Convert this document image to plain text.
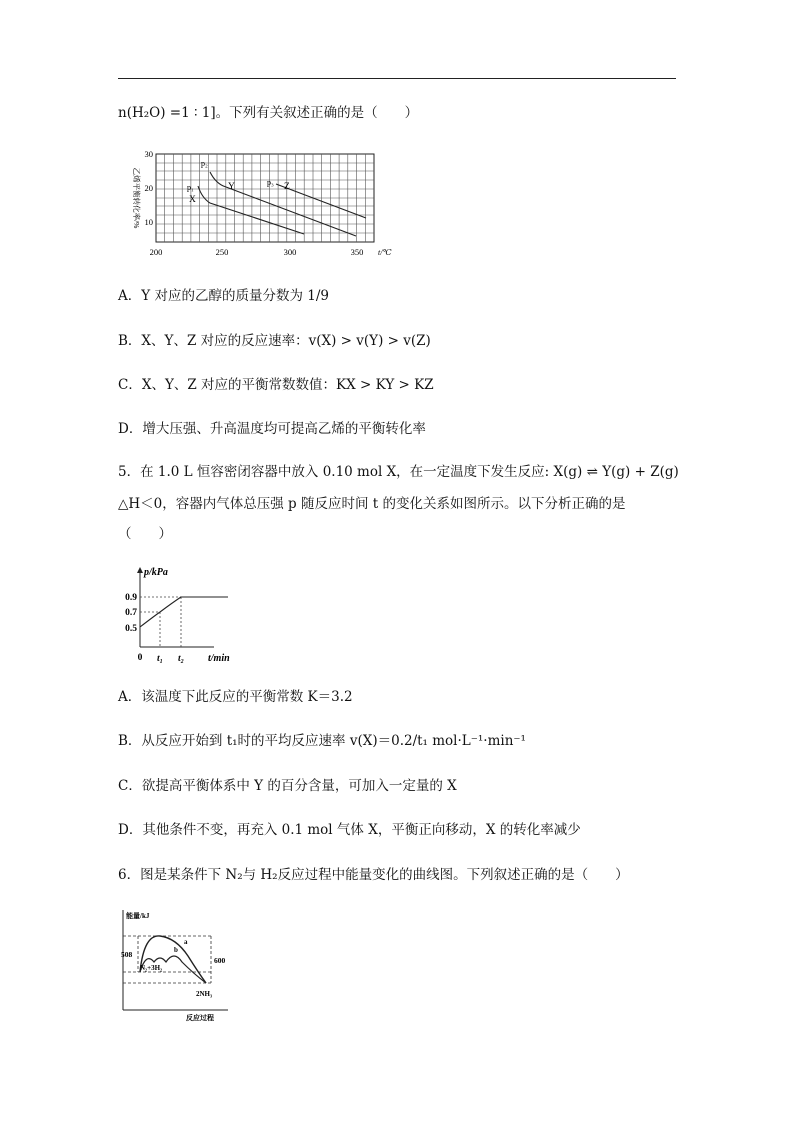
n(H₂O) =1 ∶ 1]。下列有关叙述正确的是（　　）
乙烯平衡转化率/%
30
20
10
200	250	300	350 t/℃
p₁
p₂
p₃
X
Y	Z
A．Y 对应的乙醇的质量分数为 1/9
B．X、Y、Z 对应的反应速率：v(X) > v(Y) > v(Z)
C．X、Y、Z 对应的平衡常数数值：KX > KY > KZ
D．增大压强、升高温度均可提高乙烯的平衡转化率
5．在 1.0 L 恒容密闭容器中放入 0.10 mol X，在一定温度下发生反应: X(g) ⇌ Y(g) + Z(g)
△H＜0，容器内气体总压强 p 随反应时间 t 的变化关系如图所示。以下分析正确的是
（　　）
p/kPa
0.9
0.7
0.5
0 t₁ t₂ t/min
A．该温度下此反应的平衡常数 K＝3.2
B．从反应开始到 t₁时的平均反应速率 v(X)＝0.2/t₁ mol·L⁻¹·min⁻¹
C．欲提高平衡体系中 Y 的百分含量，可加入一定量的 X
D．其他条件不变，再充入 0.1 mol 气体 X，平衡正向移动，X 的转化率减少
6．图是某条件下 N₂与 H₂反应过程中能量变化的曲线图。下列叙述正确的是（　　）
能量/kJ
508
600
N₂+3H₂
2NH₃
a
b
反应过程
